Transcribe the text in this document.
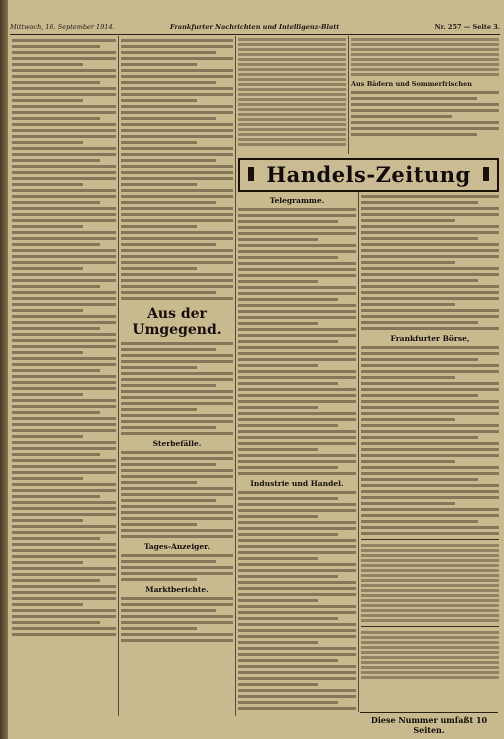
Mittwoch, 16. September 1914.	Frankfurter Nachrichten und Intelligenz-Blatt	Nr. 257 — Seite 3.
Aus der Umgegend.
Sterbefälle.
Tages-Anzeiger.
Marktberichte.
Aus Bädern und Sommerfrischen
Handels-Zeitung
Telegramme.
Industrie und Handel.
Frankfurter Börse,
Diese Nummer umfaßt 10 Seiten.
